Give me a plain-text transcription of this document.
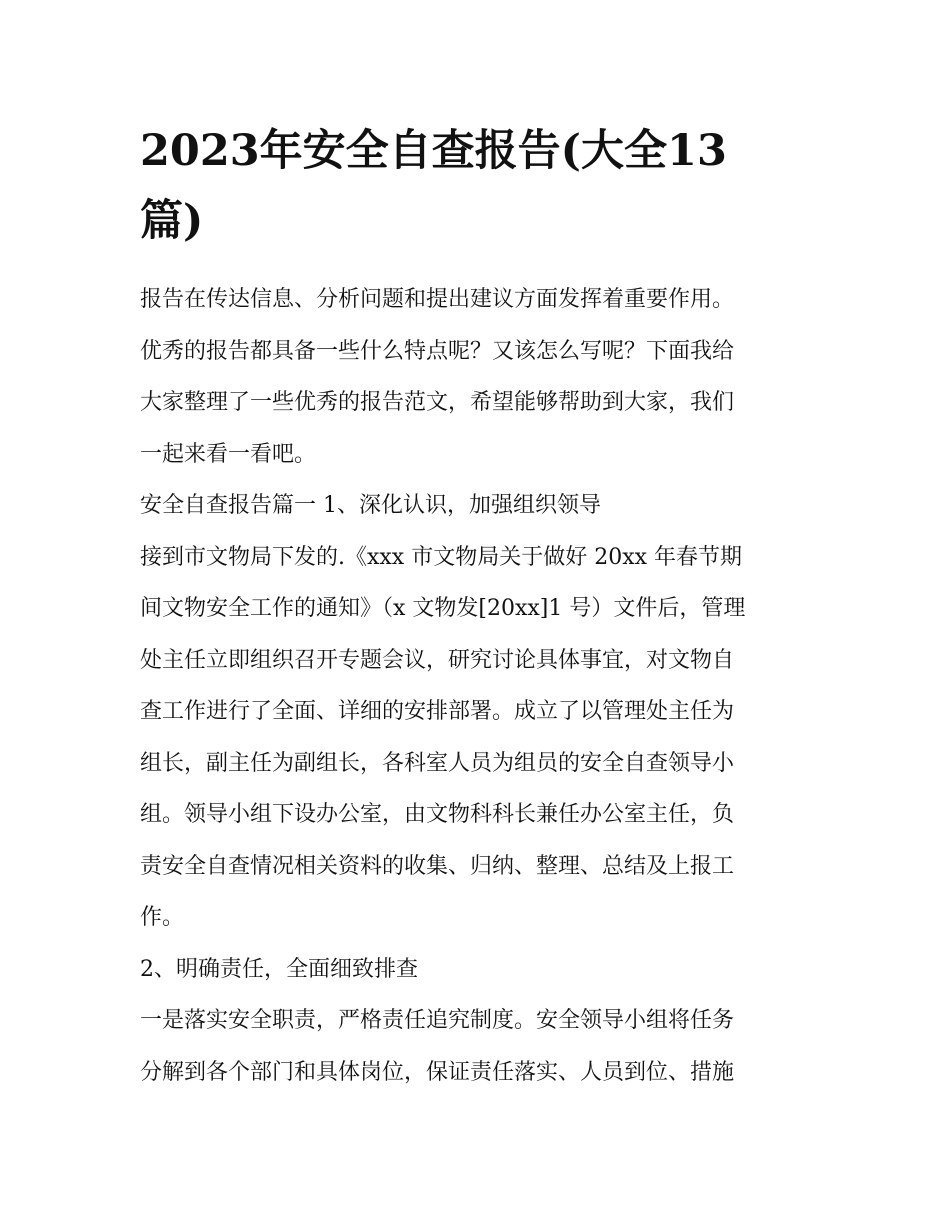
2023年安全自查报告(大全13
篇)
报告在传达信息、分析问题和提出建议方面发挥着重要作用。
优秀的报告都具备一些什么特点呢？又该怎么写呢？下面我给
大家整理了一些优秀的报告范文，希望能够帮助到大家，我们
一起来看一看吧。
安全自查报告篇一 1、深化认识，加强组织领导
接到市文物局下发的.《xxx 市文物局关于做好 20xx 年春节期
间文物安全工作的通知》（x 文物发[20xx]1 号）文件后，管理
处主任立即组织召开专题会议，研究讨论具体事宜，对文物自
查工作进行了全面、详细的安排部署。成立了以管理处主任为
组长，副主任为副组长，各科室人员为组员的安全自查领导小
组。领导小组下设办公室，由文物科科长兼任办公室主任，负
责安全自查情况相关资料的收集、归纳、整理、总结及上报工
作。
2、明确责任，全面细致排查
一是落实安全职责，严格责任追究制度。安全领导小组将任务
分解到各个部门和具体岗位，保证责任落实、人员到位、措施
